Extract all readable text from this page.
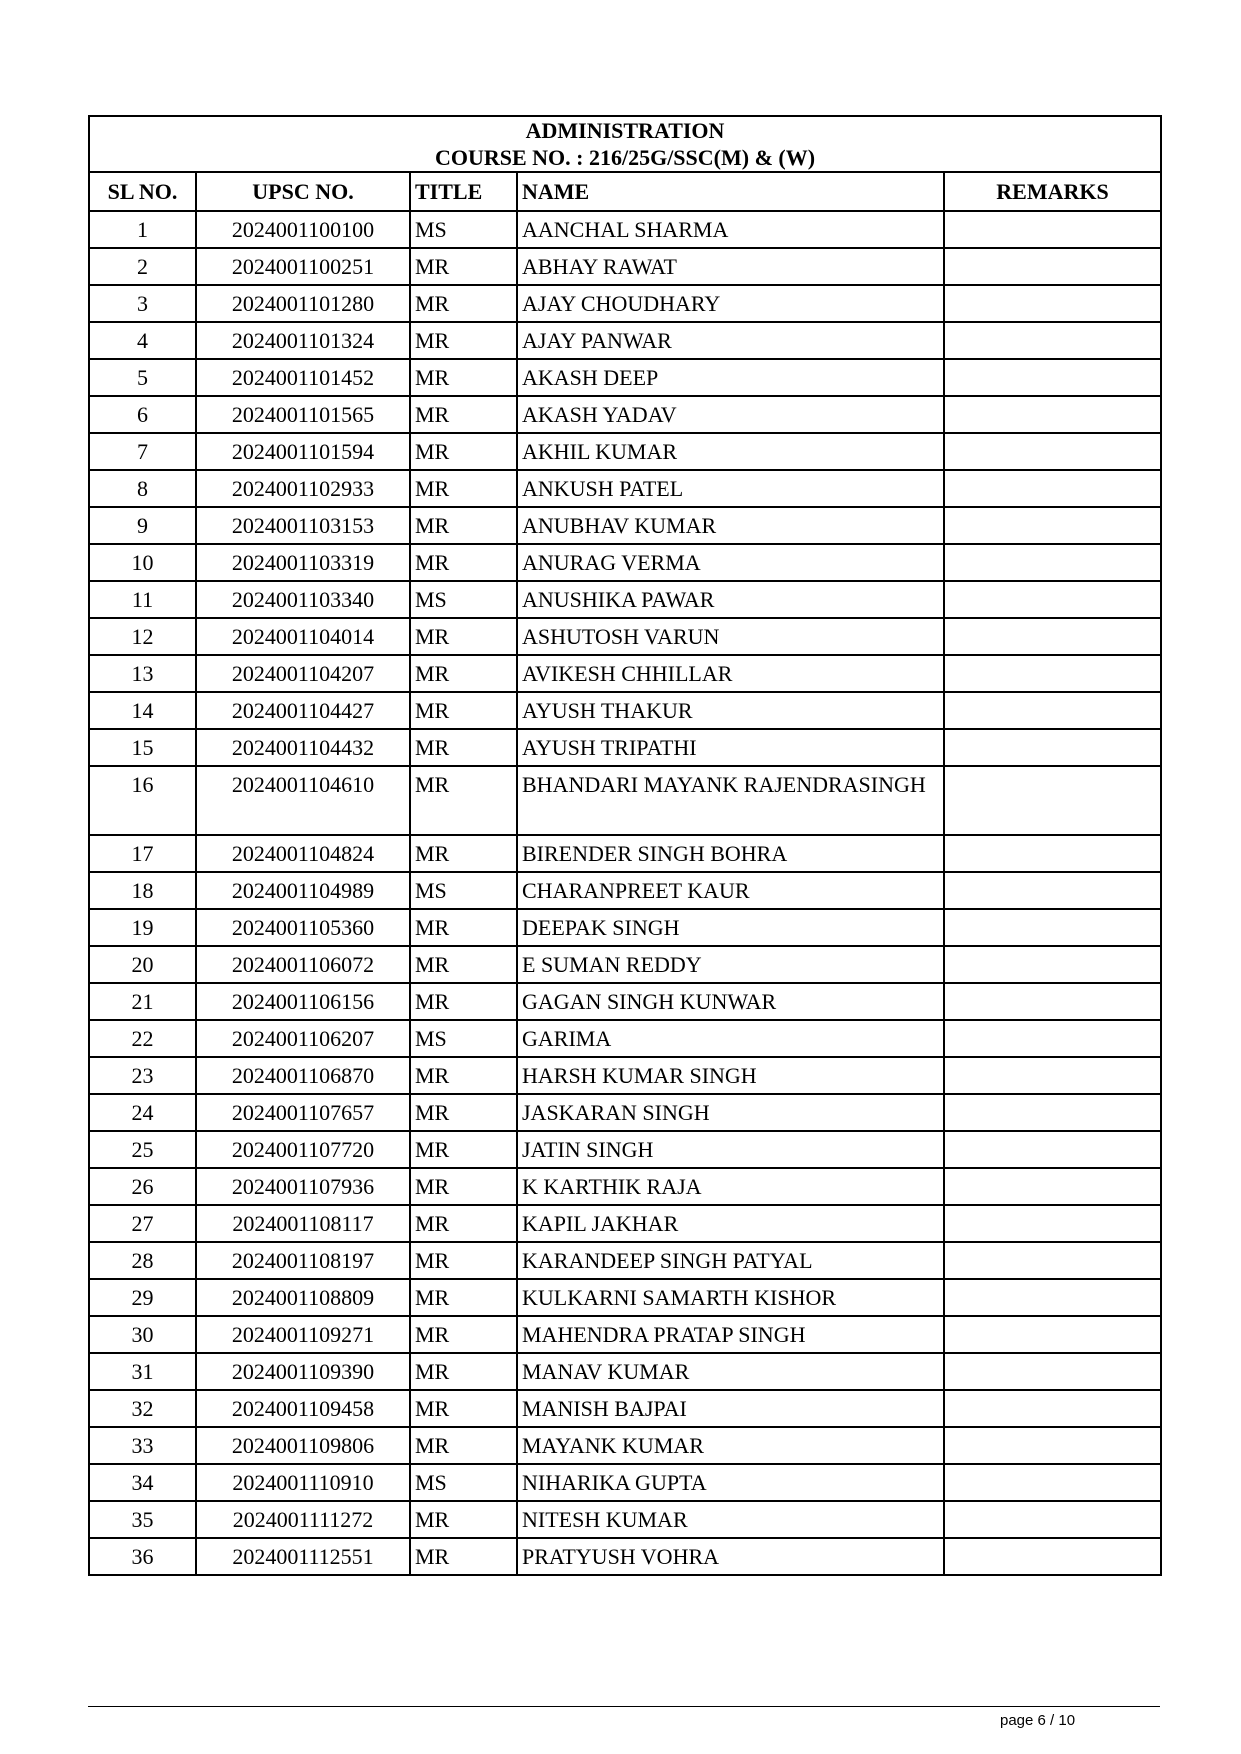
ADMINISTRATION
COURSE NO. : 216/25G/SSC(M) & (W)				

SL NO.	UPSC NO.	TITLE	NAME	REMARKS
1	2024001100100	MS	AANCHAL SHARMA	
2	2024001100251	MR	ABHAY RAWAT	
3	2024001101280	MR	AJAY CHOUDHARY	
4	2024001101324	MR	AJAY PANWAR	
5	2024001101452	MR	AKASH DEEP	
6	2024001101565	MR	AKASH YADAV	
7	2024001101594	MR	AKHIL KUMAR	
8	2024001102933	MR	ANKUSH PATEL	
9	2024001103153	MR	ANUBHAV KUMAR	
10	2024001103319	MR	ANURAG VERMA	
11	2024001103340	MS	ANUSHIKA PAWAR	
12	2024001104014	MR	ASHUTOSH VARUN	
13	2024001104207	MR	AVIKESH CHHILLAR	
14	2024001104427	MR	AYUSH THAKUR	
15	2024001104432	MR	AYUSH TRIPATHI	
16	2024001104610	MR	BHANDARI MAYANK RAJENDRASINGH	
17	2024001104824	MR	BIRENDER SINGH BOHRA	
18	2024001104989	MS	CHARANPREET KAUR	
19	2024001105360	MR	DEEPAK SINGH	
20	2024001106072	MR	E SUMAN REDDY	
21	2024001106156	MR	GAGAN SINGH KUNWAR	
22	2024001106207	MS	GARIMA	
23	2024001106870	MR	HARSH KUMAR SINGH	
24	2024001107657	MR	JASKARAN SINGH	
25	2024001107720	MR	JATIN SINGH	
26	2024001107936	MR	K KARTHIK RAJA	
27	2024001108117	MR	KAPIL JAKHAR	
28	2024001108197	MR	KARANDEEP SINGH PATYAL	
29	2024001108809	MR	KULKARNI SAMARTH KISHOR	
30	2024001109271	MR	MAHENDRA PRATAP SINGH	
31	2024001109390	MR	MANAV KUMAR	
32	2024001109458	MR	MANISH BAJPAI	
33	2024001109806	MR	MAYANK KUMAR	
34	2024001110910	MS	NIHARIKA GUPTA	
35	2024001111272	MR	NITESH KUMAR	
36	2024001112551	MR	PRATYUSH VOHRA	
page 6 / 10
